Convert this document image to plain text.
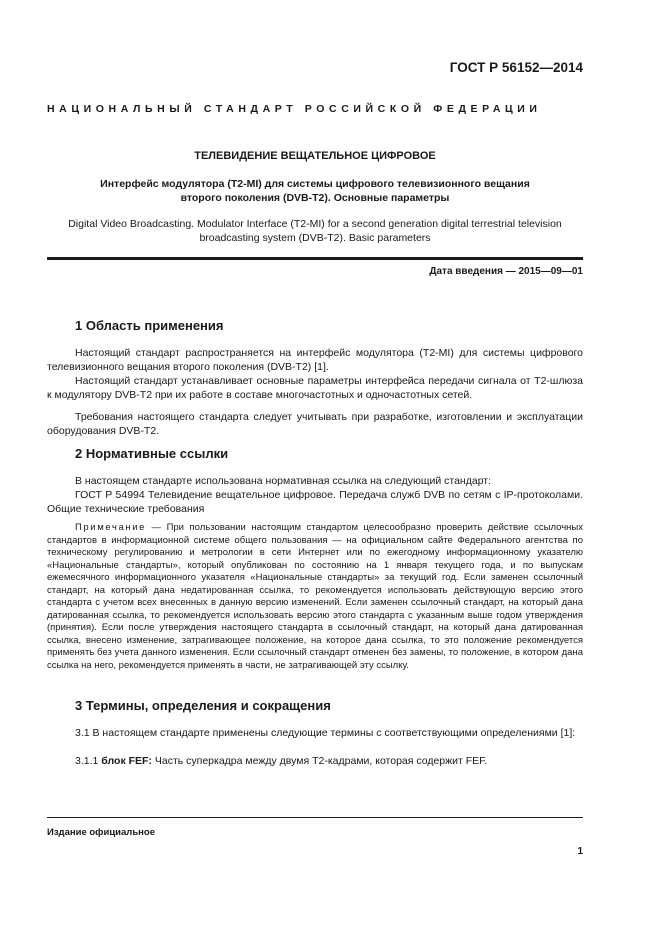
ГОСТ Р 56152—2014
НАЦИОНАЛЬНЫЙ СТАНДАРТ РОССИЙСКОЙ ФЕДЕРАЦИИ
ТЕЛЕВИДЕНИЕ ВЕЩАТЕЛЬНОЕ ЦИФРОВОЕ
Интерфейс модулятора (T2-MI) для системы цифрового телевизионного вещания второго поколения (DVB-T2). Основные параметры
Digital Video Broadcasting. Modulator Interface (T2-MI) for a second generation digital terrestrial television broadcasting system (DVB-T2). Basic parameters
Дата введения — 2015—09—01
1 Область применения
Настоящий стандарт распространяется на интерфейс модулятора (T2-MI) для системы цифрового телевизионного вещания второго поколения (DVB-T2) [1].
Настоящий стандарт устанавливает основные параметры интерфейса передачи сигнала от T2-шлюза к модулятору DVB-T2 при их работе в составе многочастотных и одночастотных сетей.
Требования настоящего стандарта следует учитывать при разработке, изготовлении и эксплуатации оборудования DVB-T2.
2 Нормативные ссылки
В настоящем стандарте использована нормативная ссылка на следующий стандарт:
ГОСТ Р 54994 Телевидение вещательное цифровое. Передача служб DVB по сетям с IP-протоколами. Общие технические требования
Примечание — При пользовании настоящим стандартом целесообразно проверить действие ссылочных стандартов в информационной системе общего пользования — на официальном сайте Федерального агентства по техническому регулированию и метрологии в сети Интернет или по ежегодному информационному указателю «Национальные стандарты», который опубликован по состоянию на 1 января текущего года, и по выпускам ежемесячного информационного указателя «Национальные стандарты» за текущий год. Если заменен ссылочный стандарт, на который дана недатированная ссылка, то рекомендуется использовать действующую версию этого стандарта с учетом всех внесенных в данную версию изменений. Если заменен ссылочный стандарт, на который дана датированная ссылка, то рекомендуется использовать версию этого стандарта с указанным выше годом утверждения (принятия). Если после утверждения настоящего стандарта в ссылочный стандарт, на который дана датированная ссылка, внесено изменение, затрагивающее положение, на которое дана ссылка, то это положение рекомендуется применять без учета данного изменения. Если ссылочный стандарт отменен без замены, то положение, в котором дана ссылка на него, рекомендуется применять в части, не затрагивающей эту ссылку.
3 Термины, определения и сокращения
3.1 В настоящем стандарте применены следующие термины с соответствующими определениями [1]:
3.1.1 блок FEF: Часть суперкадра между двумя T2-кадрами, которая содержит FEF.
Издание официальное
1
